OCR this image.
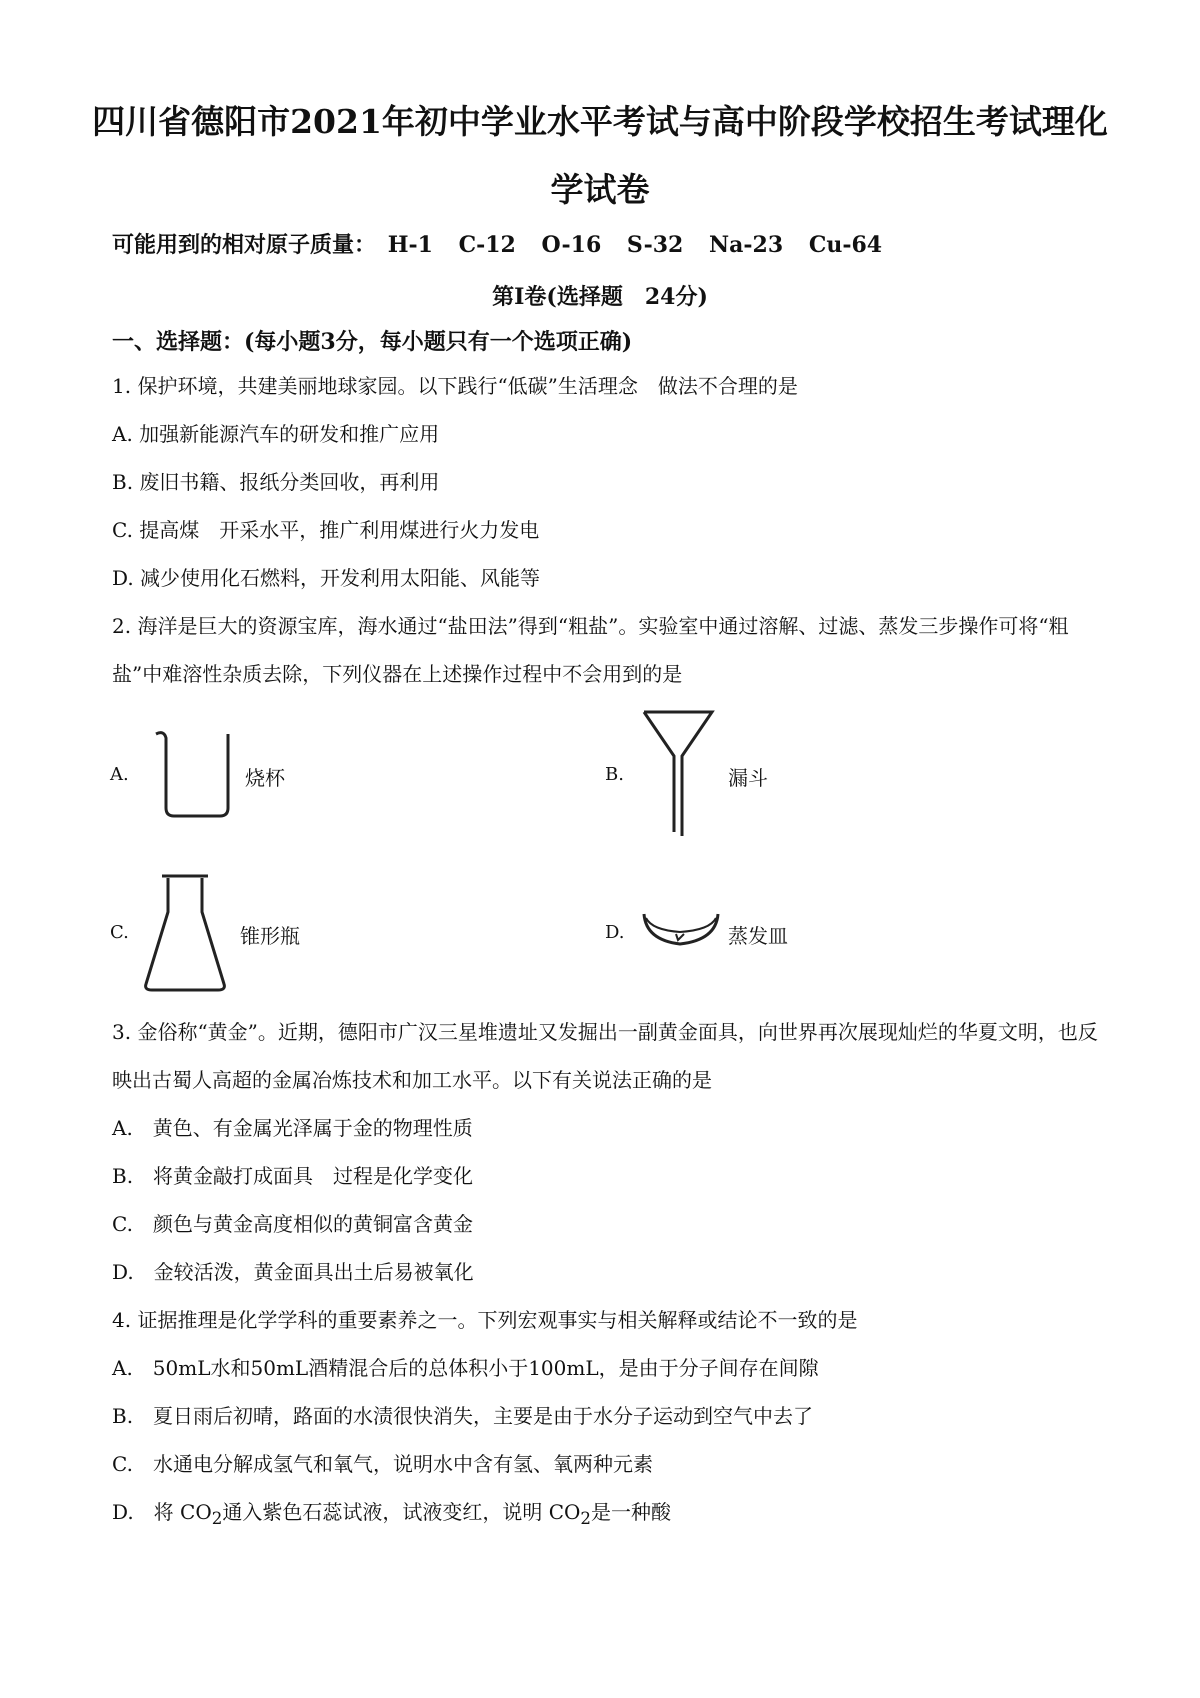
四川省德阳市2021年初中学业水平考试与高中阶段学校招生考试理化
学试卷
可能用到的相对原子质量： H-1 C-12 O-16 S-32 Na-23 Cu-64
第Ⅰ卷(选择题　24分)
一、选择题：(每小题3分，每小题只有一个选项正确)
1. 保护环境，共建美丽地球家园。以下践行“低碳”生活理念　做法不合理的是
A. 加强新能源汽车的研发和推广应用
B. 废旧书籍、报纸分类回收，再利用
C. 提高煤　开采水平，推广利用煤进行火力发电
D. 减少使用化石燃料，开发利用太阳能、风能等
2. 海洋是巨大的资源宝库，海水通过“盐田法”得到“粗盐”。实验室中通过溶解、过滤、蒸发三步操作可将“粗盐”中难溶性杂质去除，下列仪器在上述操作过程中不会用到的是
A.	烧杯	B.	漏斗
C.	锥形瓶	D.	蒸发皿
3. 金俗称“黄金”。近期，德阳市广汉三星堆遗址又发掘出一副黄金面具，向世界再次展现灿烂的华夏文明，也反映出古蜀人高超的金属冶炼技术和加工水平。以下有关说法正确的是
A.　黄色、有金属光泽属于金的物理性质
B.　将黄金敲打成面具　过程是化学变化
C.　颜色与黄金高度相似的黄铜富含黄金
D.　金较活泼，黄金面具出土后易被氧化
4. 证据推理是化学学科的重要素养之一。下列宏观事实与相关解释或结论不一致的是
A.　50mL水和50mL酒精混合后的总体积小于100mL，是由于分子间存在间隙
B.　夏日雨后初晴，路面的水渍很快消失，主要是由于水分子运动到空气中去了
C.　水通电分解成氢气和氧气，说明水中含有氢、氧两种元素
D.　将 $CO_2$通入紫色石蕊试液，试液变红，说明 $CO_2$是一种酸
